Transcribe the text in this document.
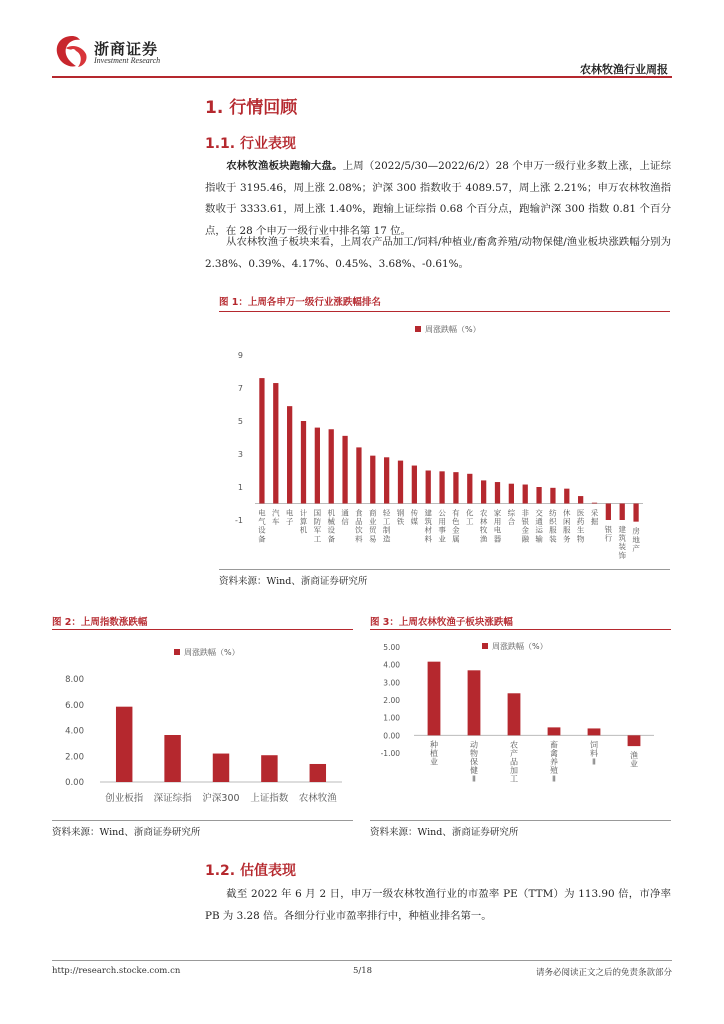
浙商证券
Investment Research
农林牧渔行业周报
1. 行情回顾
1.1. 行业表现
农林牧渔板块跑输大盘。上周（2022/5/30—2022/6/2）28 个申万一级行业多数上涨，上证综指收于 3195.46，周上涨 2.08%；沪深 300 指数收于 4089.57，周上涨 2.21%；申万农林牧渔指数收于 3333.61，周上涨 1.40%，跑输上证综指 0.68 个百分点，跑输沪深 300 指数 0.81 个百分点，在 28 个申万一级行业中排名第 17 位。
从农林牧渔子板块来看，上周农产品加工/饲料/种植业/畜禽养殖/动物保健/渔业板块涨跌幅分别为 2.38%、0.39%、4.17%、0.45%、3.68%、-0.61%。
图 1：上周各申万一级行业涨跌幅排名
周涨跌幅（%）
-1
1
3
5
7
9
电
气
设
备
汽
车
电
子
计
算
机
国
防
军
工
机
械
设
备
通
信
食
品
饮
料
商
业
贸
易
轻
工
制
造
钢
铁
传
媒
建
筑
材
料
公
用
事
业
有
色
金
属
化
工
农
林
牧
渔
家
用
电
器
综
合
非
银
金
融
交
通
运
输
纺
织
服
装
休
闲
服
务
医
药
生
物
采
掘
银
行
建
筑
装
饰
房
地
产
资料来源：Wind、浙商证券研究所
图 2：上周指数涨跌幅
周涨跌幅（%）
0.00
2.00
4.00
6.00
8.00
创业板指 深证综指 沪深300 上证指数 农林牧渔
资料来源：Wind、浙商证券研究所
图 3：上周农林牧渔子板块涨跌幅
周涨跌幅（%）
-1.00
0.00
1.00
2.00
3.00
4.00
5.00
种
植
业
动
物
保
健
Ⅱ
农
产
品
加
工
畜
禽
养
殖
Ⅱ
饲
料
Ⅱ
渔
业
资料来源：Wind、浙商证券研究所
1.2. 估值表现
截至 2022 年 6 月 2 日，申万一级农林牧渔行业的市盈率 PE（TTM）为 113.90 倍，市净率 PB 为 3.28 倍。各细分行业市盈率排行中，种植业排名第一。
http://research.stocke.com.cn	5/18	请务必阅读正文之后的免责条款部分
